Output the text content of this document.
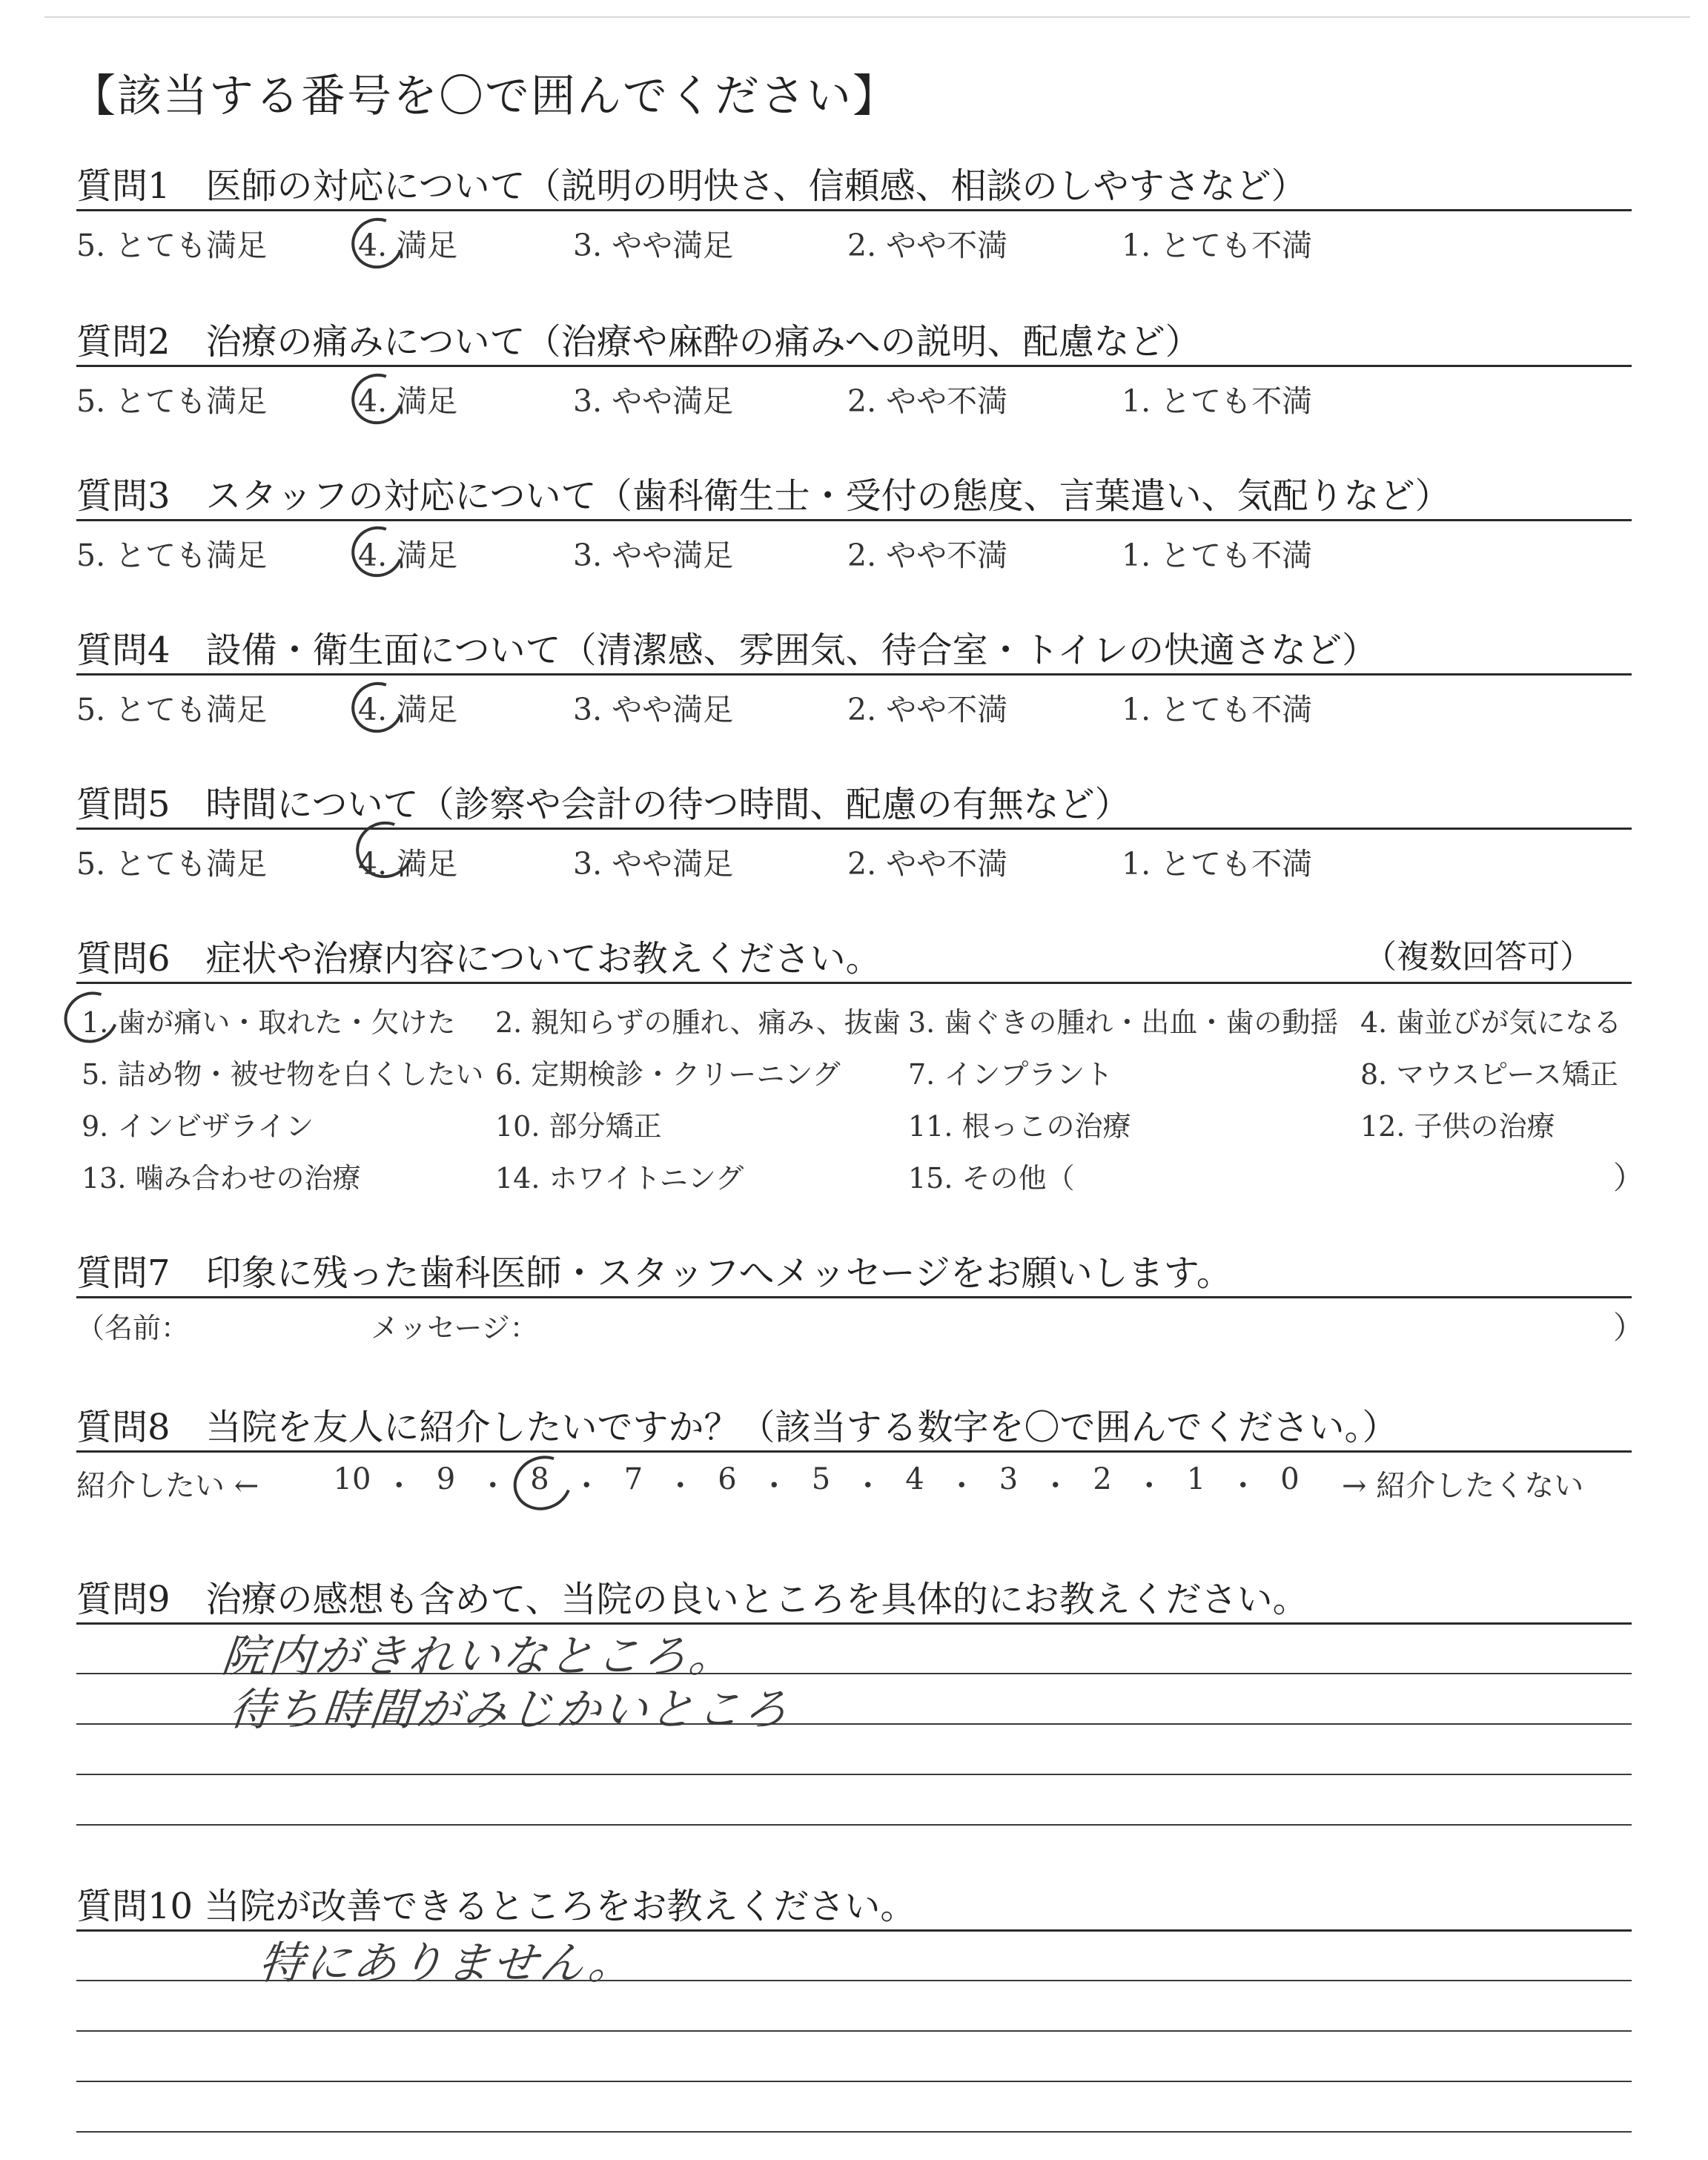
【該当する番号を〇で囲んでください】
質問1　医師の対応について（説明の明快さ、信頼感、相談のしやすさなど）
5. とても満足	4. 満足	3. やや満足	2. やや不満	1. とても不満
質問2　治療の痛みについて（治療や麻酔の痛みへの説明、配慮など）
5. とても満足	4. 満足	3. やや満足	2. やや不満	1. とても不満
質問3　スタッフの対応について（歯科衛生士・受付の態度、言葉遣い、気配りなど）
5. とても満足	4. 満足	3. やや満足	2. やや不満	1. とても不満
質問4　設備・衛生面について（清潔感、雰囲気、待合室・トイレの快適さなど）
5. とても満足	4. 満足	3. やや満足	2. やや不満	1. とても不満
質問5　時間について（診察や会計の待つ時間、配慮の有無など）
5. とても満足	4. 満足	3. やや満足	2. やや不満	1. とても不満
質問6　症状や治療内容についてお教えください。	（複数回答可）
1. 歯が痛い・取れた・欠けた 2. 親知らずの腫れ、痛み、抜歯 3. 歯ぐきの腫れ・出血・歯の動揺 4. 歯並びが気になる
5. 詰め物・被せ物を白くしたい 6. 定期検診・クリーニング 7. インプラント	8. マウスピース矯正
9. インビザライン	10. 部分矯正	11. 根っこの治療	12. 子供の治療
13. 噛み合わせの治療	14. ホワイトニング	15. その他（	）
質問7　印象に残った歯科医師・スタッフへメッセージをお願いします。
（名前：	メッセージ：	）
質問8　当院を友人に紹介したいですか？（該当する数字を〇で囲んでください。）
紹介したい ←	→ 紹介したくない
10 ・ 9 ・ 8 ・ 7 ・ 6 ・ 5 ・ 4 ・ 3 ・ 2 ・ 1 ・ 0
質問9　治療の感想も含めて、当院の良いところを具体的にお教えください。
院内がきれいなところ。
待ち時間がみじかいところ
質問10 当院が改善できるところをお教えください。
特にありません。
